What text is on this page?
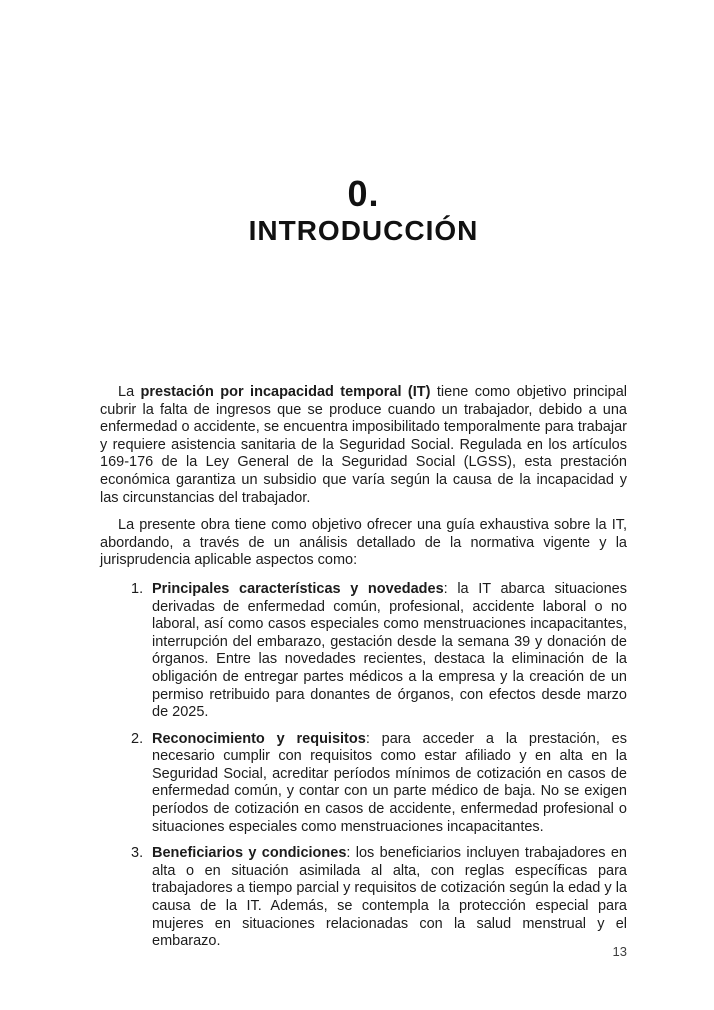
0.
INTRODUCCIÓN

La prestación por incapacidad temporal (IT) tiene como objetivo principal cubrir la falta de ingresos que se produce cuando un trabajador, debido a una enfermedad o accidente, se encuentra imposibilitado temporalmente para trabajar y requiere asistencia sanitaria de la Seguridad Social. Regulada en los artículos 169-176 de la Ley General de la Seguridad Social (LGSS), esta prestación económica garantiza un subsidio que varía según la causa de la incapacidad y las circunstancias del trabajador.

La presente obra tiene como objetivo ofrecer una guía exhaustiva sobre la IT, abordando, a través de un análisis detallado de la normativa vigente y la jurisprudencia aplicable aspectos como:

1. Principales características y novedades: la IT abarca situaciones derivadas de enfermedad común, profesional, accidente laboral o no laboral, así como casos especiales como menstruaciones incapacitantes, interrupción del embarazo, gestación desde la semana 39 y donación de órganos. Entre las novedades recientes, destaca la eliminación de la obligación de entregar partes médicos a la empresa y la creación de un permiso retribuido para donantes de órganos, con efectos desde marzo de 2025.
2. Reconocimiento y requisitos: para acceder a la prestación, es necesario cumplir con requisitos como estar afiliado y en alta en la Seguridad Social, acreditar períodos mínimos de cotización en casos de enfermedad común, y contar con un parte médico de baja. No se exigen períodos de cotización en casos de accidente, enfermedad profesional o situaciones especiales como menstruaciones incapacitantes.
3. Beneficiarios y condiciones: los beneficiarios incluyen trabajadores en alta o en situación asimilada al alta, con reglas específicas para trabajadores a tiempo parcial y requisitos de cotización según la edad y la causa de la IT. Además, se contempla la protección especial para mujeres en situaciones relacionadas con la salud menstrual y el embarazo.
13
